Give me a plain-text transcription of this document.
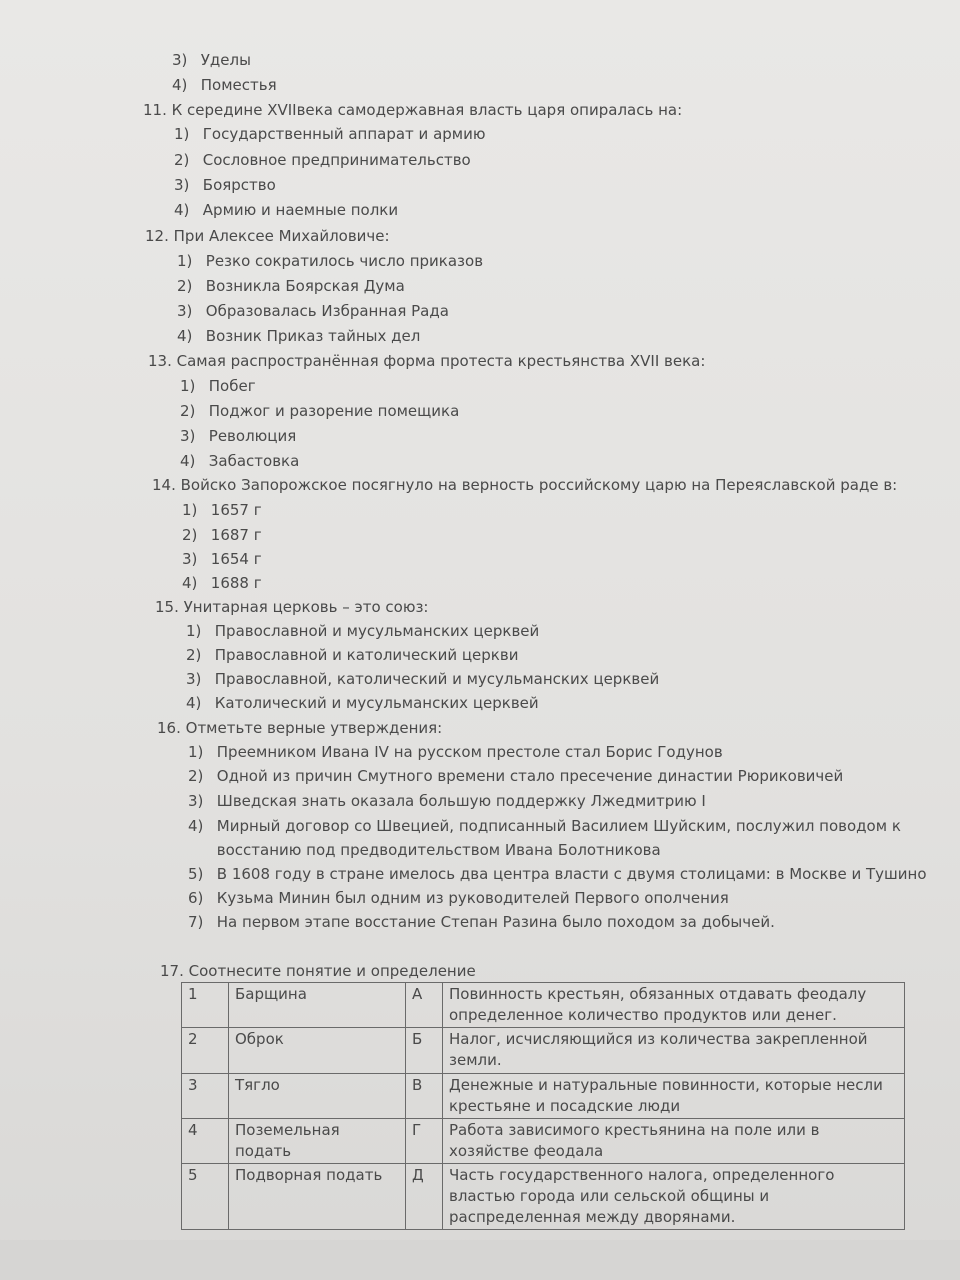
3) Уделы
4) Поместья
11. К середине XVIIвека самодержавная власть царя опиралась на:
1) Государственный аппарат и армию
2) Сословное предпринимательство
3) Боярство
4) Армию и наемные полки
12. При Алексее Михайловиче:
1) Резко сократилось число приказов
2) Возникла Боярская Дума
3) Образовалась Избранная Рада
4) Возник Приказ тайных дел
13. Самая распространённая форма протеста крестьянства XVII века:
1) Побег
2) Поджог и разорение помещика
3) Революция
4) Забастовка
14. Войско Запорожское посягнуло на верность российскому царю на Переяславской раде в:
1) 1657 г
2) 1687 г
3) 1654 г
4) 1688 г
15. Унитарная церковь – это союз:
1) Православной и мусульманских церквей
2) Православной и католический церкви
3) Православной, католический и мусульманских церквей
4) Католический и мусульманских церквей
16. Отметьте верные утверждения:
1) Преемником Ивана IV на русском престоле стал Борис Годунов
2) Одной из причин Смутного времени стало пресечение династии Рюриковичей
3) Шведская знать оказала большую поддержку Лжедмитрию I
4) Мирный договор со Швецией, подписанный Василием Шуйским, послужил поводом к
восстанию под предводительством Ивана Болотникова
5) В 1608 году в стране имелось два центра власти с двумя столицами: в Москве и Тушино
6) Кузьма Минин был одним из руководителей Первого ополчения
7) На первом этапе восстание Степан Разина было походом за добычей.
17. Соотнесите понятие и определение
1	Барщина	А	Повинность крестьян, обязанных отдавать феодалу определенное количество продуктов или денег.
2	Оброк	Б	Налог, исчисляющийся из количества закрепленной земли.
3	Тягло	В	Денежные и натуральные повинности, которые несли крестьяне и посадские люди
4	Поземельная подать	Г	Работа зависимого крестьянина на поле или в хозяйстве феодала
5	Подворная подать	Д	Часть государственного налога, определенного властью города или сельской общины и распределенная между дворянами.
